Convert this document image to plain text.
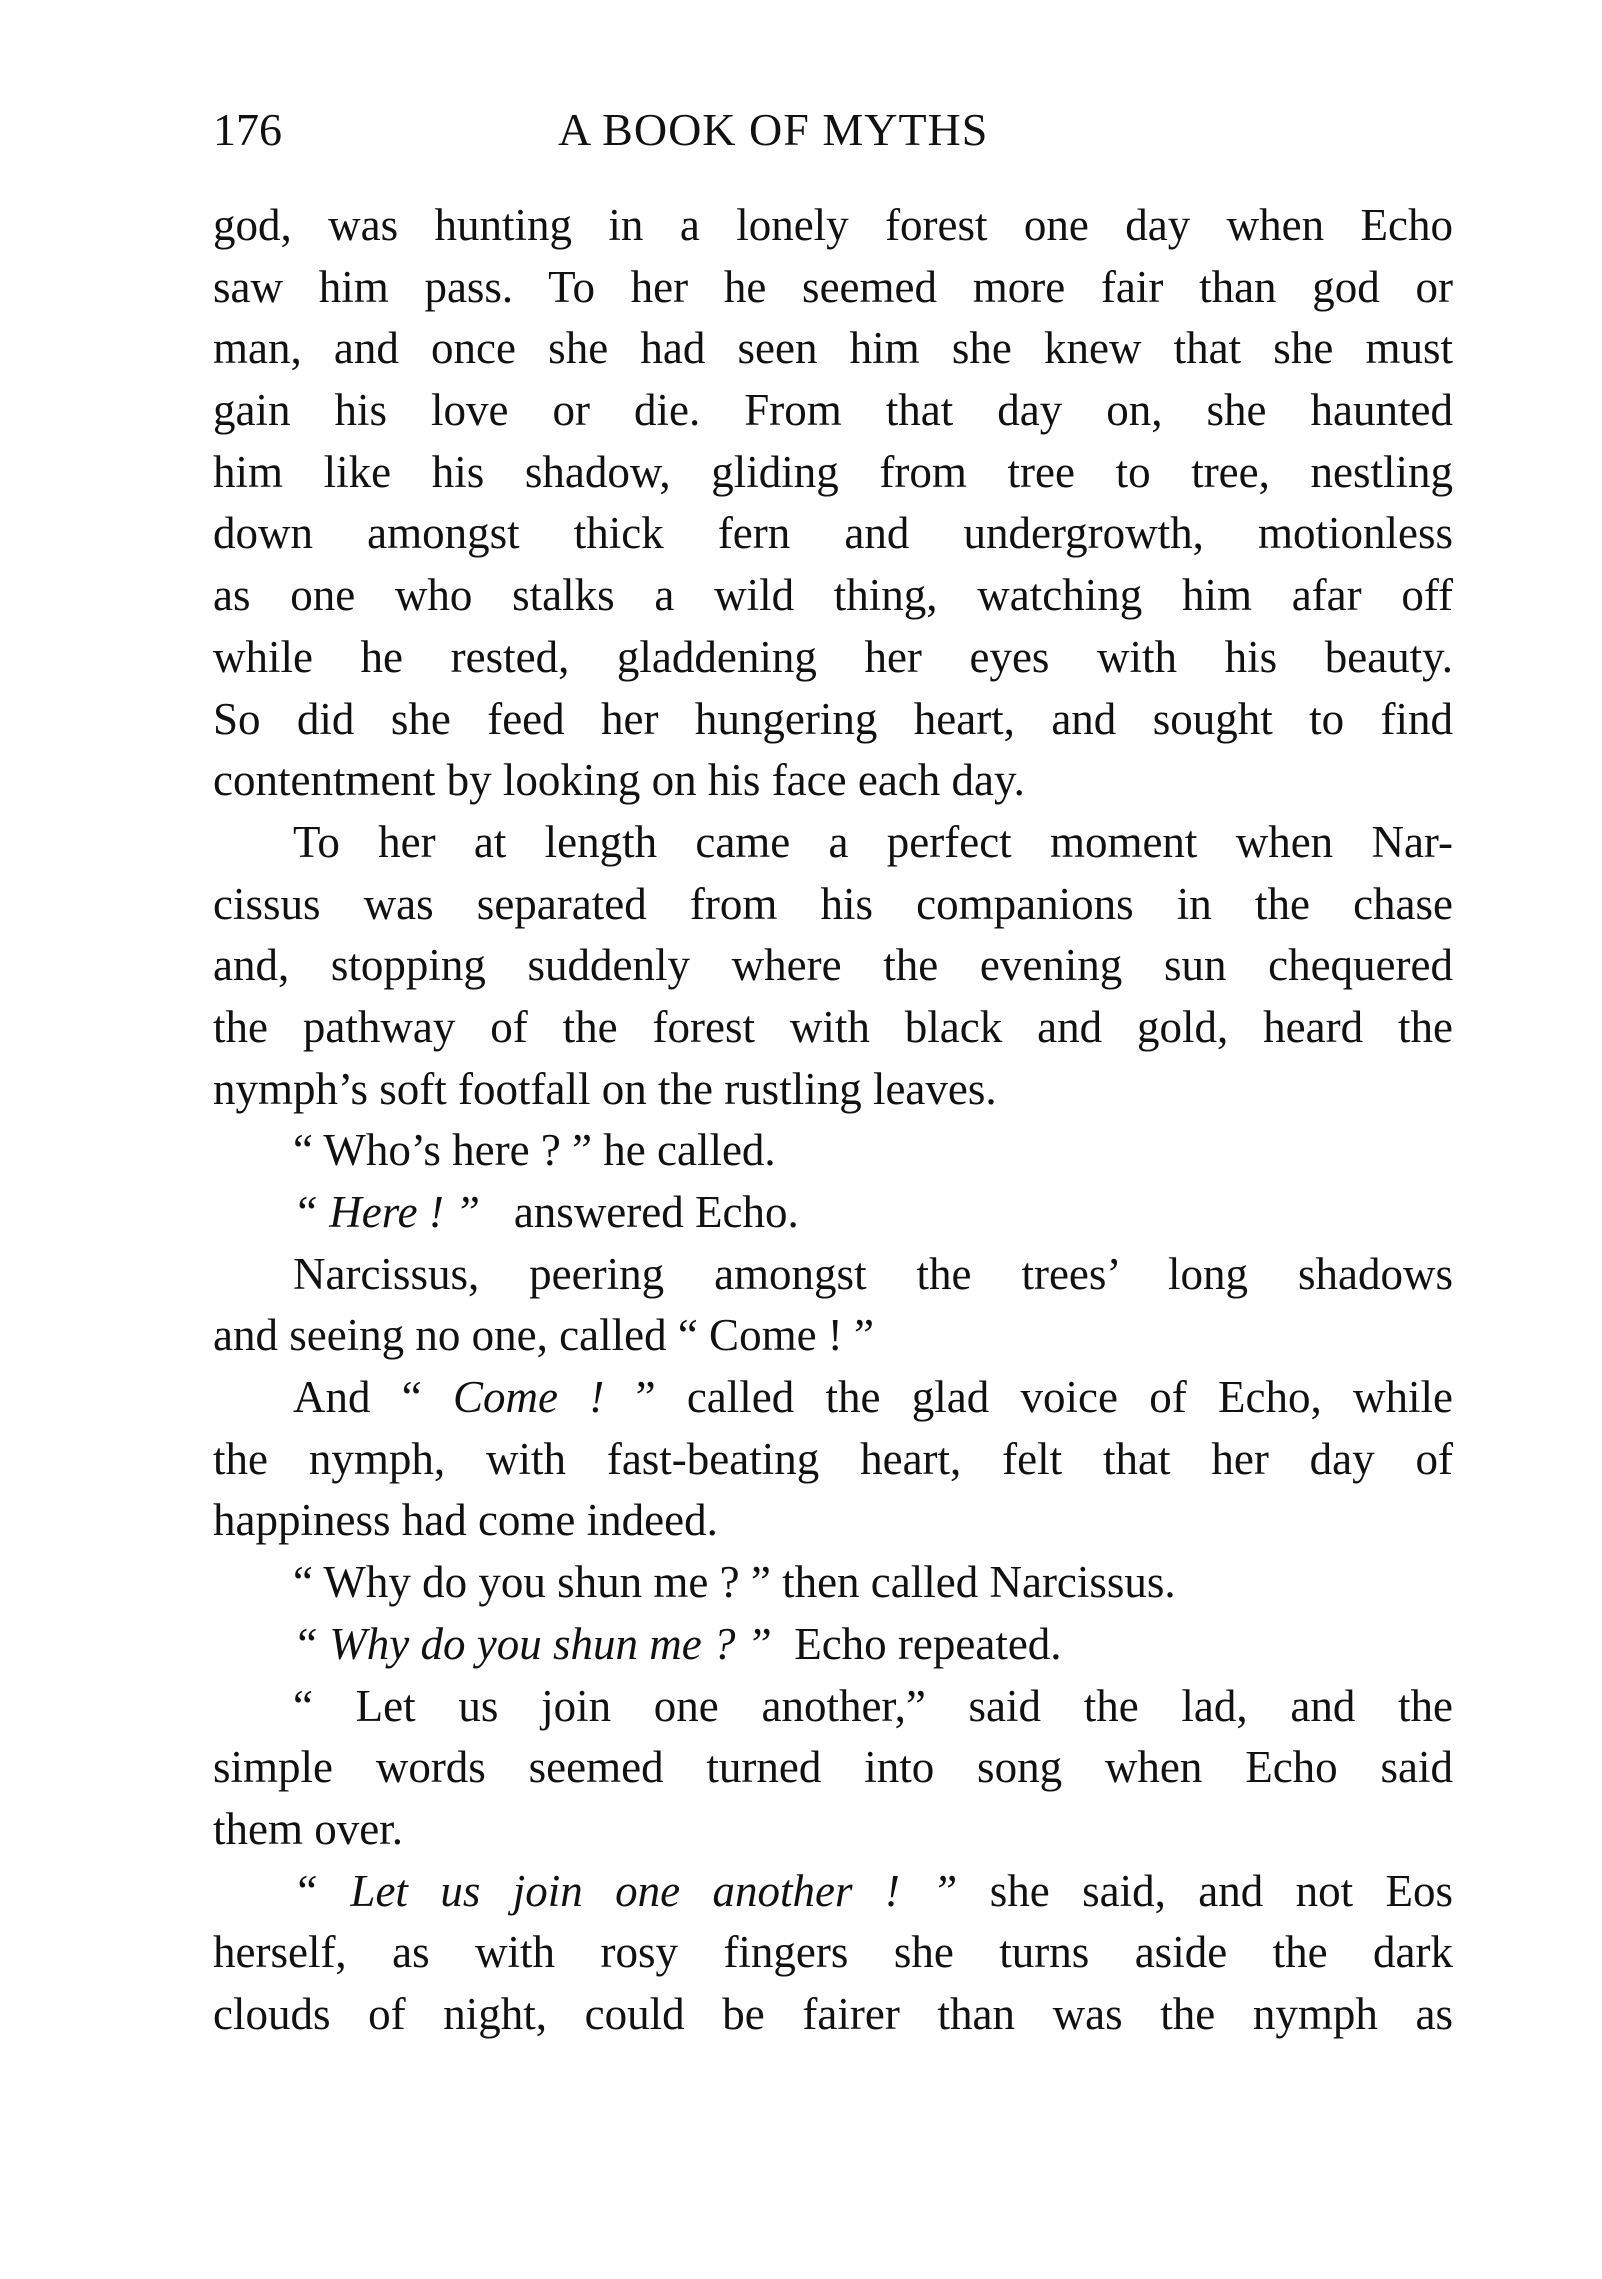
176	A BOOK OF MYTHS
god, was hunting in a lonely forest one day when Echo
saw him pass. To her he seemed more fair than god or
man, and once she had seen him she knew that she must
gain his love or die. From that day on, she haunted
him like his shadow, gliding from tree to tree, nestling
down amongst thick fern and undergrowth, motionless
as one who stalks a wild thing, watching him afar off
while he rested, gladdening her eyes with his beauty.
So did she feed her hungering heart, and sought to find
contentment by looking on his face each day.
To her at length came a perfect moment when Nar-
cissus was separated from his companions in the chase
and, stopping suddenly where the evening sun chequered
the pathway of the forest with black and gold, heard the
nymph’s soft footfall on the rustling leaves.
“ Who’s here ? ” he called.
“ Here ! ” answered Echo.
Narcissus, peering amongst the trees’ long shadows
and seeing no one, called “ Come ! ”
And “ Come ! ” called the glad voice of Echo, while
the nymph, with fast-beating heart, felt that her day of
happiness had come indeed.
“ Why do you shun me ? ” then called Narcissus.
“ Why do you shun me ? ” Echo repeated.
“ Let us join one another,” said the lad, and the
simple words seemed turned into song when Echo said
them over.
“ Let us join one another ! ” she said, and not Eos
herself, as with rosy fingers she turns aside the dark
clouds of night, could be fairer than was the nymph as
